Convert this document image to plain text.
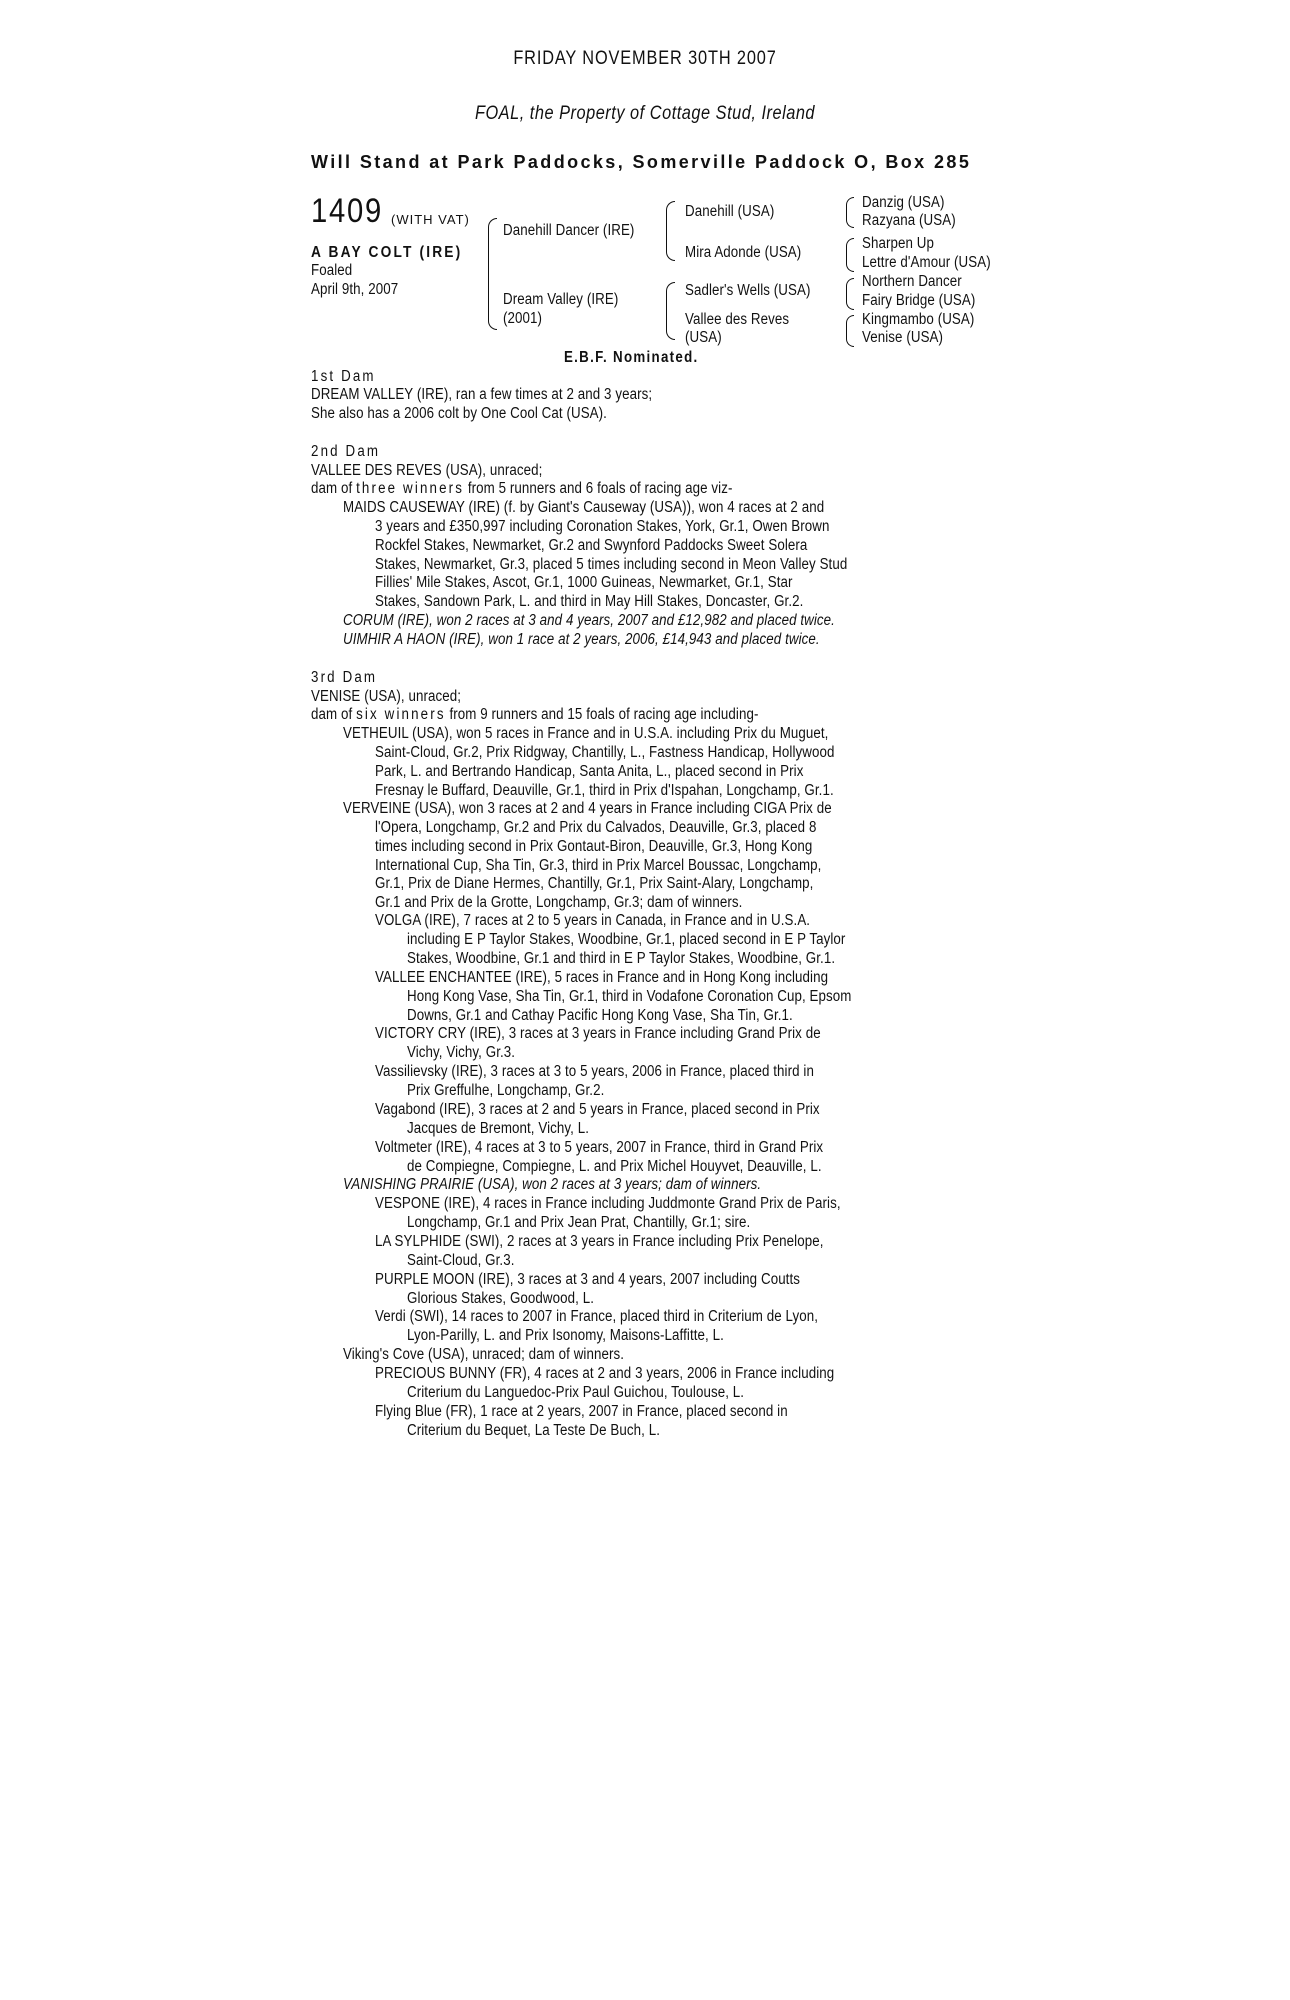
FRIDAY NOVEMBER 30TH 2007
FOAL, the Property of Cottage Stud, Ireland
Will Stand at Park Paddocks, Somerville Paddock O, Box 285
1409 (WITH VAT)
A BAY COLT (IRE)
Foaled
April 9th, 2007
Danehill Dancer (IRE)
Dream Valley (IRE)
(2001)
Danehill (USA)
Mira Adonde (USA)
Sadler's Wells (USA)
Vallee des Reves
(USA)
Danzig (USA)
Razyana (USA)
Sharpen Up
Lettre d'Amour (USA)
Northern Dancer
Fairy Bridge (USA)
Kingmambo (USA)
Venise (USA)
E.B.F. Nominated.
1st Dam
DREAM VALLEY (IRE), ran a few times at 2 and 3 years;
She also has a 2006 colt by One Cool Cat (USA).
2nd Dam
VALLEE DES REVES (USA), unraced;
dam of three winners from 5 runners and 6 foals of racing age viz-
MAIDS CAUSEWAY (IRE) (f. by Giant's Causeway (USA)), won 4 races at 2 and
3 years and £350,997 including Coronation Stakes, York, Gr.1, Owen Brown
Rockfel Stakes, Newmarket, Gr.2 and Swynford Paddocks Sweet Solera
Stakes, Newmarket, Gr.3, placed 5 times including second in Meon Valley Stud
Fillies' Mile Stakes, Ascot, Gr.1, 1000 Guineas, Newmarket, Gr.1, Star
Stakes, Sandown Park, L. and third in May Hill Stakes, Doncaster, Gr.2.
CORUM (IRE), won 2 races at 3 and 4 years, 2007 and £12,982 and placed twice.
UIMHIR A HAON (IRE), won 1 race at 2 years, 2006, £14,943 and placed twice.
3rd Dam
VENISE (USA), unraced;
dam of six winners from 9 runners and 15 foals of racing age including-
VETHEUIL (USA), won 5 races in France and in U.S.A. including Prix du Muguet,
Saint-Cloud, Gr.2, Prix Ridgway, Chantilly, L., Fastness Handicap, Hollywood
Park, L. and Bertrando Handicap, Santa Anita, L., placed second in Prix
Fresnay le Buffard, Deauville, Gr.1, third in Prix d'Ispahan, Longchamp, Gr.1.
VERVEINE (USA), won 3 races at 2 and 4 years in France including CIGA Prix de
l'Opera, Longchamp, Gr.2 and Prix du Calvados, Deauville, Gr.3, placed 8
times including second in Prix Gontaut-Biron, Deauville, Gr.3, Hong Kong
International Cup, Sha Tin, Gr.3, third in Prix Marcel Boussac, Longchamp,
Gr.1, Prix de Diane Hermes, Chantilly, Gr.1, Prix Saint-Alary, Longchamp,
Gr.1 and Prix de la Grotte, Longchamp, Gr.3; dam of winners.
VOLGA (IRE), 7 races at 2 to 5 years in Canada, in France and in U.S.A.
including E P Taylor Stakes, Woodbine, Gr.1, placed second in E P Taylor
Stakes, Woodbine, Gr.1 and third in E P Taylor Stakes, Woodbine, Gr.1.
VALLEE ENCHANTEE (IRE), 5 races in France and in Hong Kong including
Hong Kong Vase, Sha Tin, Gr.1, third in Vodafone Coronation Cup, Epsom
Downs, Gr.1 and Cathay Pacific Hong Kong Vase, Sha Tin, Gr.1.
VICTORY CRY (IRE), 3 races at 3 years in France including Grand Prix de
Vichy, Vichy, Gr.3.
Vassilievsky (IRE), 3 races at 3 to 5 years, 2006 in France, placed third in
Prix Greffulhe, Longchamp, Gr.2.
Vagabond (IRE), 3 races at 2 and 5 years in France, placed second in Prix
Jacques de Bremont, Vichy, L.
Voltmeter (IRE), 4 races at 3 to 5 years, 2007 in France, third in Grand Prix
de Compiegne, Compiegne, L. and Prix Michel Houyvet, Deauville, L.
VANISHING PRAIRIE (USA), won 2 races at 3 years; dam of winners.
VESPONE (IRE), 4 races in France including Juddmonte Grand Prix de Paris,
Longchamp, Gr.1 and Prix Jean Prat, Chantilly, Gr.1; sire.
LA SYLPHIDE (SWI), 2 races at 3 years in France including Prix Penelope,
Saint-Cloud, Gr.3.
PURPLE MOON (IRE), 3 races at 3 and 4 years, 2007 including Coutts
Glorious Stakes, Goodwood, L.
Verdi (SWI), 14 races to 2007 in France, placed third in Criterium de Lyon,
Lyon-Parilly, L. and Prix Isonomy, Maisons-Laffitte, L.
Viking's Cove (USA), unraced; dam of winners.
PRECIOUS BUNNY (FR), 4 races at 2 and 3 years, 2006 in France including
Criterium du Languedoc-Prix Paul Guichou, Toulouse, L.
Flying Blue (FR), 1 race at 2 years, 2007 in France, placed second in
Criterium du Bequet, La Teste De Buch, L.
